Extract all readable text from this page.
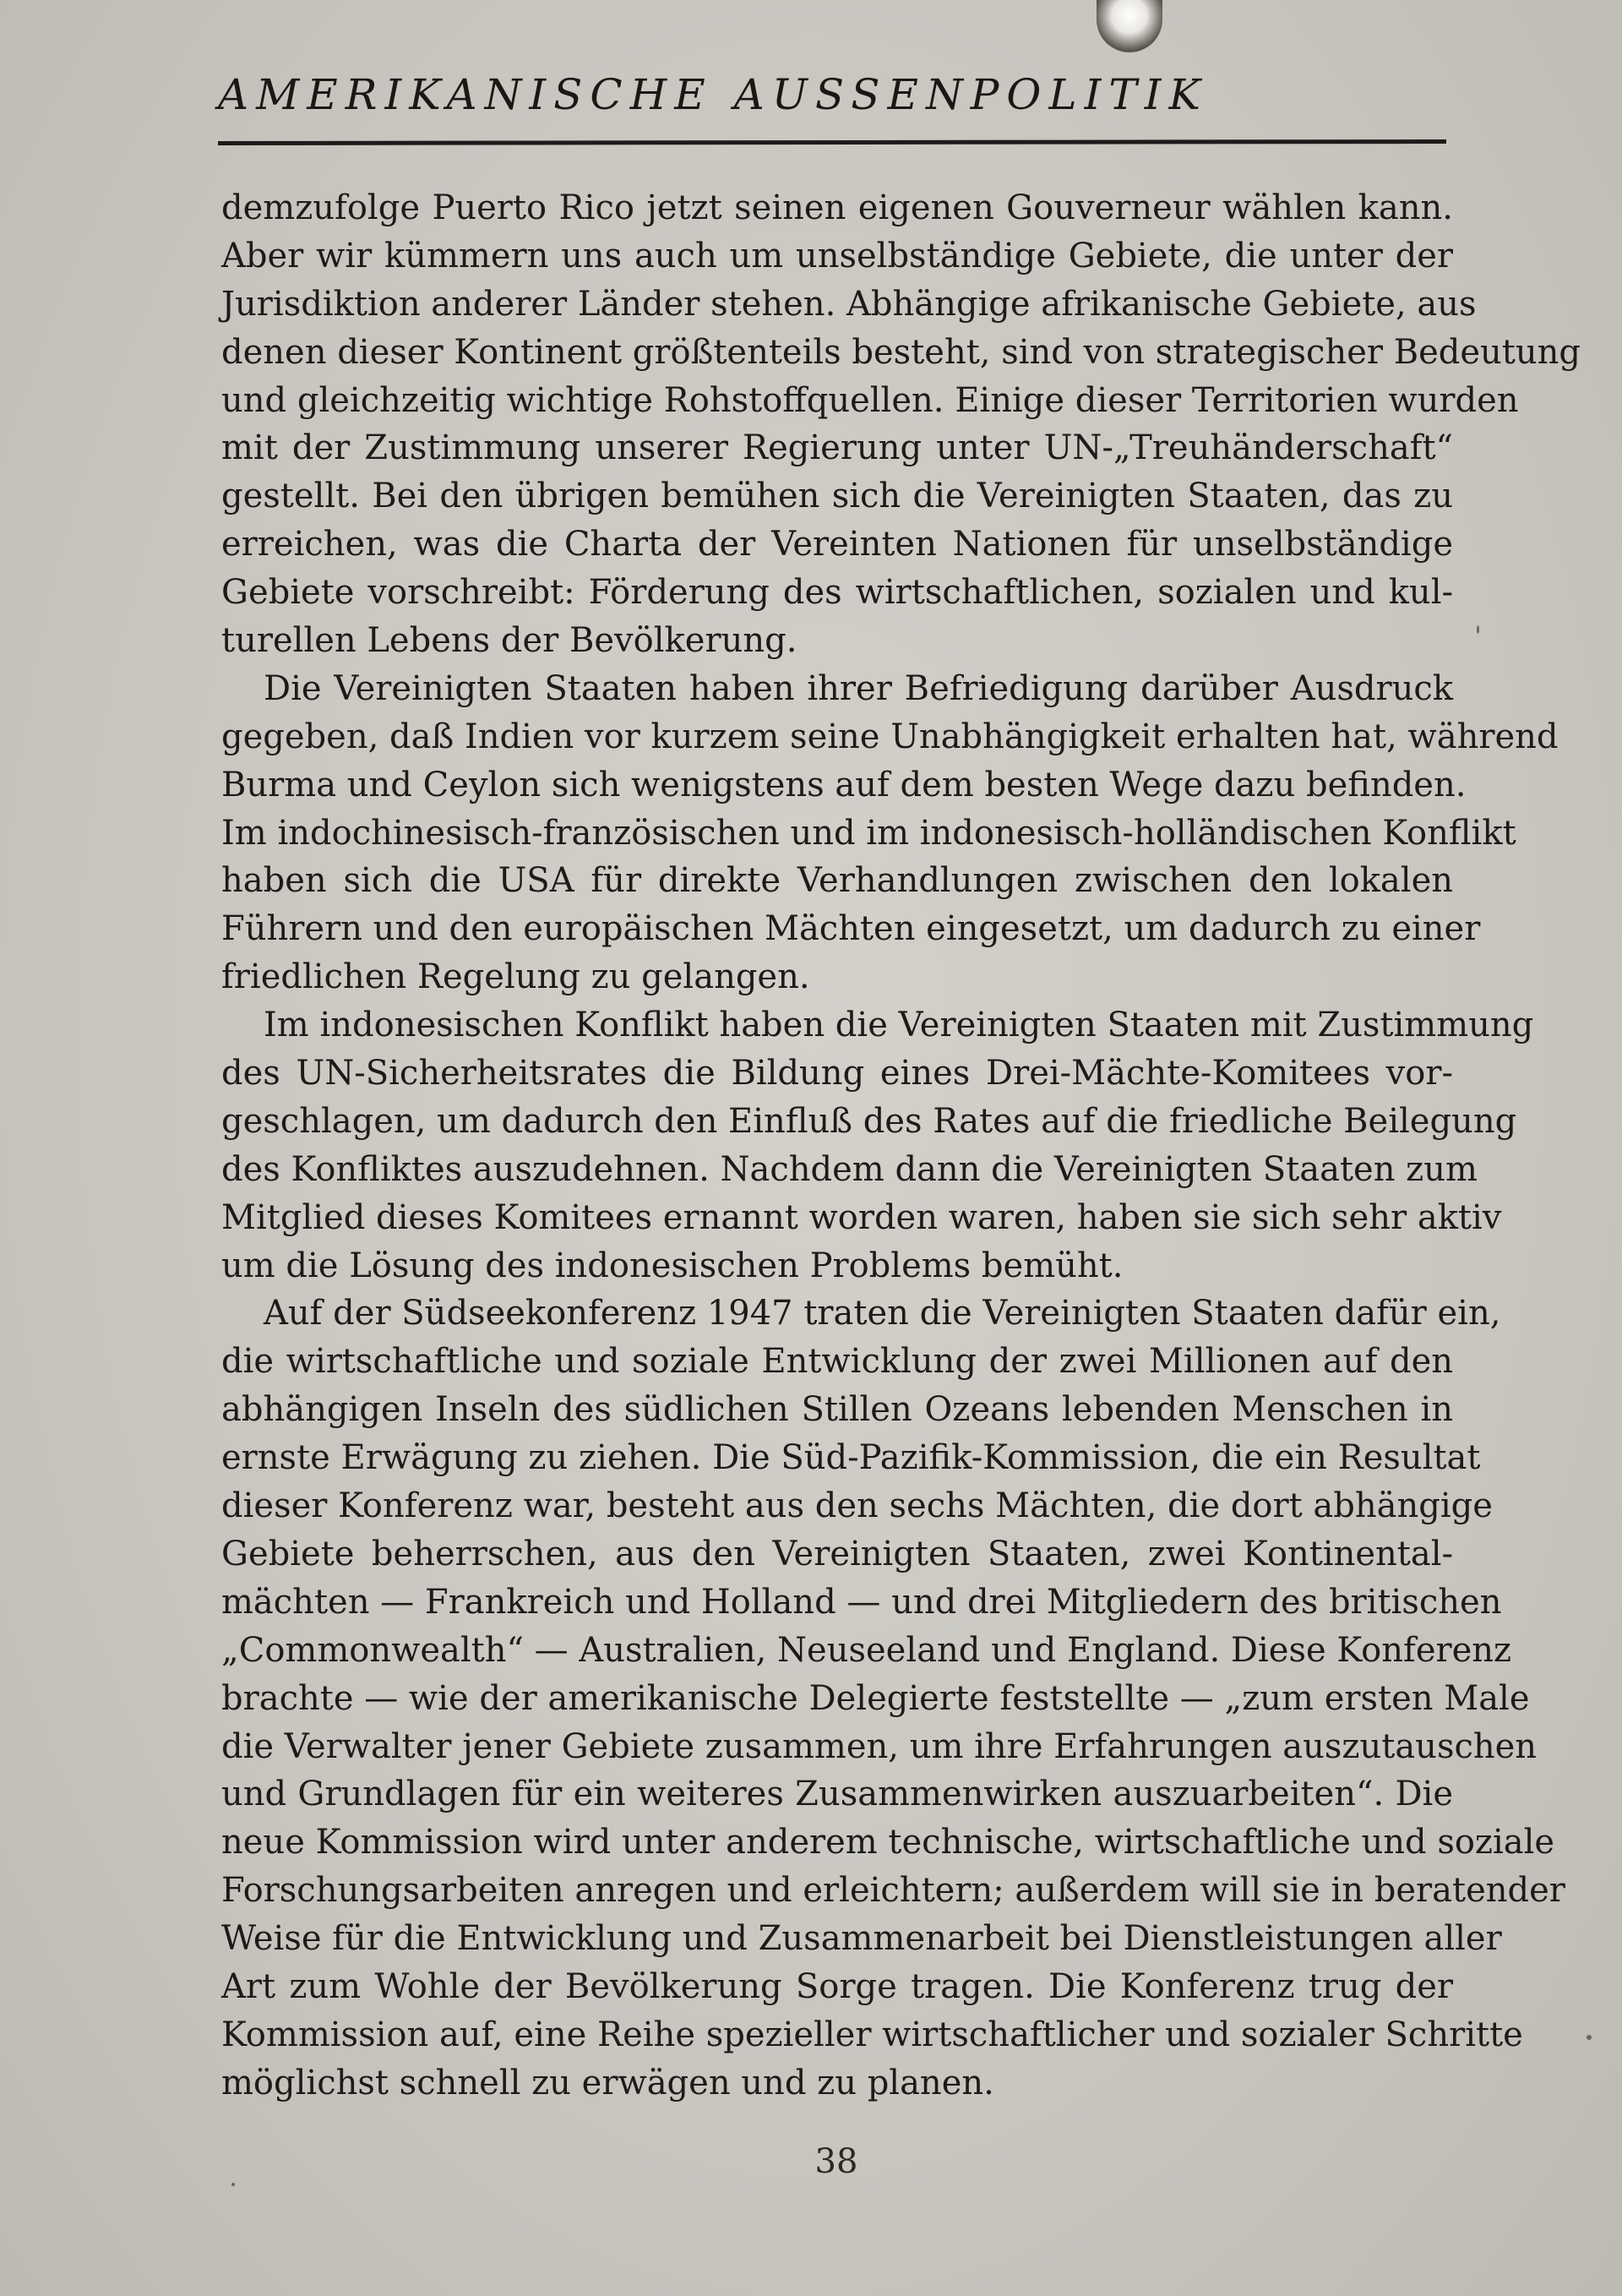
AMERIKANISCHE AUSSENPOLITIK
demzufolge Puerto Rico jetzt seinen eigenen Gouverneur wählen kann.
Aber wir kümmern uns auch um unselbständige Gebiete, die unter der
Jurisdiktion anderer Länder stehen. Abhängige afrikanische Gebiete, aus
denen dieser Kontinent größtenteils besteht, sind von strategischer Bedeutung
und gleichzeitig wichtige Rohstoffquellen. Einige dieser Territorien wurden
mit der Zustimmung unserer Regierung unter UN-„Treuhänderschaft“
gestellt. Bei den übrigen bemühen sich die Vereinigten Staaten, das zu
erreichen, was die Charta der Vereinten Nationen für unselbständige
Gebiete vorschreibt: Förderung des wirtschaftlichen, sozialen und kul-
turellen Lebens der Bevölkerung.
Die Vereinigten Staaten haben ihrer Befriedigung darüber Ausdruck
gegeben, daß Indien vor kurzem seine Unabhängigkeit erhalten hat, während
Burma und Ceylon sich wenigstens auf dem besten Wege dazu befinden.
Im indochinesisch-französischen und im indonesisch-holländischen Konflikt
haben sich die USA für direkte Verhandlungen zwischen den lokalen
Führern und den europäischen Mächten eingesetzt, um dadurch zu einer
friedlichen Regelung zu gelangen.
Im indonesischen Konflikt haben die Vereinigten Staaten mit Zustimmung
des UN-Sicherheitsrates die Bildung eines Drei-Mächte-Komitees vor-
geschlagen, um dadurch den Einfluß des Rates auf die friedliche Beilegung
des Konfliktes auszudehnen. Nachdem dann die Vereinigten Staaten zum
Mitglied dieses Komitees ernannt worden waren, haben sie sich sehr aktiv
um die Lösung des indonesischen Problems bemüht.
Auf der Südseekonferenz 1947 traten die Vereinigten Staaten dafür ein,
die wirtschaftliche und soziale Entwicklung der zwei Millionen auf den
abhängigen Inseln des südlichen Stillen Ozeans lebenden Menschen in
ernste Erwägung zu ziehen. Die Süd-Pazifik-Kommission, die ein Resultat
dieser Konferenz war, besteht aus den sechs Mächten, die dort abhängige
Gebiete beherrschen, aus den Vereinigten Staaten, zwei Kontinental-
mächten — Frankreich und Holland — und drei Mitgliedern des britischen
„Commonwealth“ — Australien, Neuseeland und England. Diese Konferenz
brachte — wie der amerikanische Delegierte feststellte — „zum ersten Male
die Verwalter jener Gebiete zusammen, um ihre Erfahrungen auszutauschen
und Grundlagen für ein weiteres Zusammenwirken auszuarbeiten“. Die
neue Kommission wird unter anderem technische, wirtschaftliche und soziale
Forschungsarbeiten anregen und erleichtern; außerdem will sie in beratender
Weise für die Entwicklung und Zusammenarbeit bei Dienstleistungen aller
Art zum Wohle der Bevölkerung Sorge tragen. Die Konferenz trug der
Kommission auf, eine Reihe spezieller wirtschaftlicher und sozialer Schritte
möglichst schnell zu erwägen und zu planen.
38
